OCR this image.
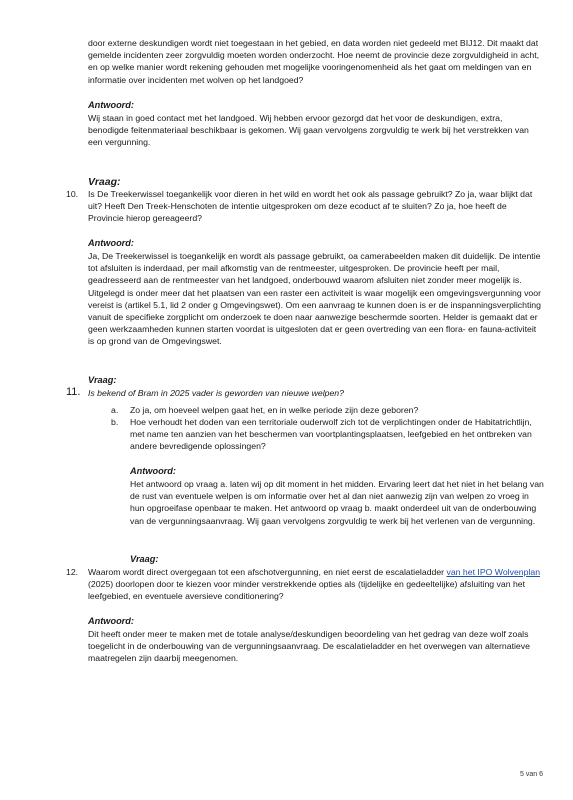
door externe deskundigen wordt niet toegestaan in het gebied, en data worden niet gedeeld met BIJ12. Dit maakt dat gemelde incidenten zeer zorgvuldig moeten worden onderzocht. Hoe neemt de provincie deze zorgvuldigheid in acht, en op welke manier wordt rekening gehouden met mogelijke vooringenomenheid als het gaat om meldingen van en informatie over incidenten met wolven op het landgoed?

Antwoord:

Wij staan in goed contact met het landgoed. Wij hebben ervoor gezorgd dat het voor de deskundigen, extra, benodigde feitenmateriaal beschikbaar is gekomen. Wij gaan vervolgens zorgvuldig te werk bij het verstrekken van een vergunning.

Vraag:

10. Is De Treekerwissel toegankelijk voor dieren in het wild en wordt het ook als passage gebruikt? Zo ja, waar blijkt dat uit? Heeft Den Treek-Henschoten de intentie uitgesproken om deze ecoduct af te sluiten? Zo ja, hoe heeft de Provincie hierop gereageerd?

Antwoord:

Ja, De Treekerwissel is toegankelijk en wordt als passage gebruikt, oa camerabeelden maken dit duidelijk. De intentie tot afsluiten is inderdaad, per mail afkomstig van de rentmeester, uitgesproken. De provincie heeft per mail, geadresseerd aan de rentmeester van het landgoed, onderbouwd waarom afsluiten niet zonder meer mogelijk is. Uitgelegd is onder meer dat het plaatsen van een raster een activiteit is waar mogelijk een omgevingsvergunning voor vereist is (artikel 5.1, lid 2 onder g Omgevingswet). Om een aanvraag te kunnen doen is er de inspanningsverplichting vanuit de specifieke zorgplicht om onderzoek te doen naar aanwezige beschermde soorten. Helder is gemaakt dat er geen werkzaamheden kunnen starten voordat is uitgesloten dat er geen overtreding van een flora- en fauna-activiteit is op grond van de Omgevingswet.

Vraag:

11. Is bekend of Bram in 2025 vader is geworden van nieuwe welpen?

a. Zo ja, om hoeveel welpen gaat het, en in welke periode zijn deze geboren?

b. Hoe verhoudt het doden van een territoriale ouderwolf zich tot de verplichtingen onder de Habitatrichtlijn, met name ten aanzien van het beschermen van voortplantingsplaatsen, leefgebied en het ontbreken van andere bevredigende oplossingen?

Antwoord:

Het antwoord op vraag a. laten wij op dit moment in het midden. Ervaring leert dat het niet in het belang van de rust van eventuele welpen is om informatie over het al dan niet aanwezig zijn van welpen zo vroeg in hun opgroeifase openbaar te maken. Het antwoord op vraag b. maakt onderdeel uit van de onderbouwing van de vergunningsaanvraag. Wij gaan vervolgens zorgvuldig te werk bij het verlenen van de vergunning.

Vraag:

12. Waarom wordt direct overgegaan tot een afschotvergunning, en niet eerst de escalatieladder van het IPO Wolvenplan (2025) doorlopen door te kiezen voor minder verstrekkende opties als (tijdelijke en gedeeltelijke) afsluiting van het leefgebied, en eventuele aversieve conditionering?

Antwoord:

Dit heeft onder meer te maken met de totale analyse/deskundigen beoordeling van het gedrag van deze wolf zoals toegelicht in de onderbouwing van de vergunningsaanvraag. De escalatieladder en het overwegen van alternatieve maatregelen zijn daarbij meegenomen.

5 van 6
